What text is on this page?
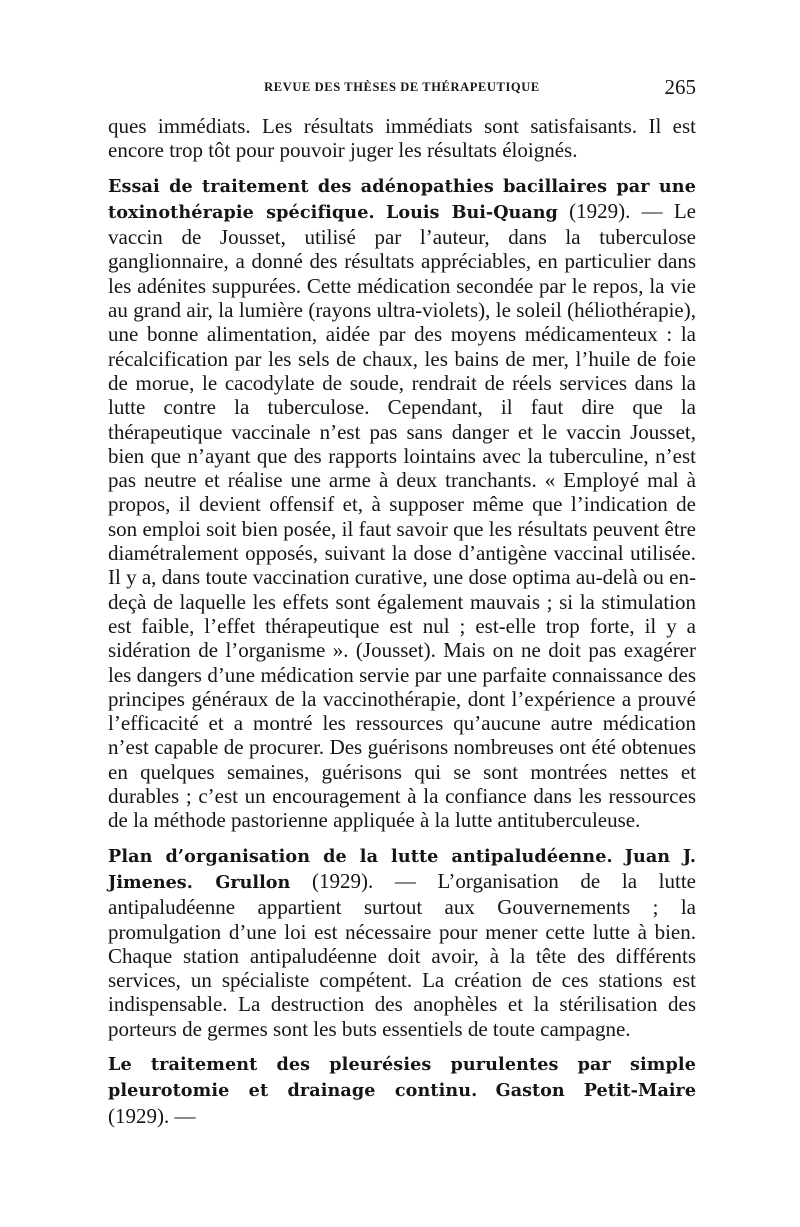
REVUE DES THÈSES DE THÉRAPEUTIQUE	265

ques immédiats. Les résultats immédiats sont satisfaisants. Il est encore trop tôt pour pouvoir juger les résultats éloignés.

Essai de traitement des adénopathies bacillaires par une toxinothérapie spécifique. Louis Bui-Quang (1929). — Le vaccin de Jousset, utilisé par l’auteur, dans la tuberculose ganglionnaire, a donné des résultats appréciables, en particulier dans les adénites suppurées. Cette médication secondée par le repos, la vie au grand air, la lumière (rayons ultra-violets), le soleil (héliothérapie), une bonne alimentation, aidée par des moyens médicamenteux : la récalcification par les sels de chaux, les bains de mer, l’huile de foie de morue, le cacodylate de soude, rendrait de réels services dans la lutte contre la tuberculose. Cependant, il faut dire que la thérapeutique vaccinale n’est pas sans danger et le vaccin Jousset, bien que n’ayant que des rapports lointains avec la tuberculine, n’est pas neutre et réalise une arme à deux tranchants. « Employé mal à propos, il devient offensif et, à supposer même que l’indication de son emploi soit bien posée, il faut savoir que les résultats peuvent être diamétralement opposés, suivant la dose d’antigène vaccinal utilisée. Il y a, dans toute vaccination curative, une dose optima au-delà ou en-deçà de laquelle les effets sont également mauvais ; si la stimulation est faible, l’effet thérapeutique est nul ; est-elle trop forte, il y a sidération de l’organisme ». (Jousset). Mais on ne doit pas exagérer les dangers d’une médication servie par une parfaite connaissance des principes généraux de la vaccinothérapie, dont l’expérience a prouvé l’efficacité et a montré les ressources qu’aucune autre médication n’est capable de procurer. Des guérisons nombreuses ont été obtenues en quelques semaines, guérisons qui se sont montrées nettes et durables ; c’est un encouragement à la confiance dans les ressources de la méthode pastorienne appliquée à la lutte antituberculeuse.

Plan d’organisation de la lutte antipaludéenne. Juan J. Jimenes. Grullon (1929). — L’organisation de la lutte antipaludéenne appartient surtout aux Gouvernements ; la promulgation d’une loi est nécessaire pour mener cette lutte à bien. Chaque station antipaludéenne doit avoir, à la tête des différents services, un spécialiste compétent. La création de ces stations est indispensable. La destruction des anophèles et la stérilisation des porteurs de germes sont les buts essentiels de toute campagne.

Le traitement des pleurésies purulentes par simple pleurotomie et drainage continu. Gaston Petit-Maire (1929). —
